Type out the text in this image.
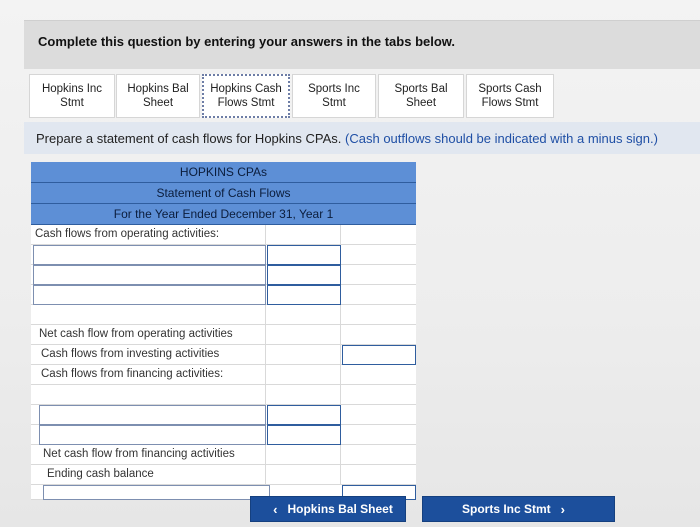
Complete this question by entering your answers in the tabs below.
Hopkins Inc
Stmt
Hopkins Bal
Sheet
Hopkins Cash
Flows Stmt
Sports Inc
Stmt
Sports Bal
Sheet
Sports Cash
Flows Stmt
Prepare a statement of cash flows for Hopkins CPAs. (Cash outflows should be indicated with a minus sign.)
HOPKINS CPAs
Statement of Cash Flows
For the Year Ended December 31, Year 1
Cash flows from operating activities:
Net cash flow from operating activities
Cash flows from investing activities
Cash flows from financing activities:
Net cash flow from financing activities
Ending cash balance
‹ Hopkins Bal Sheet	Sports Inc Stmt ›
